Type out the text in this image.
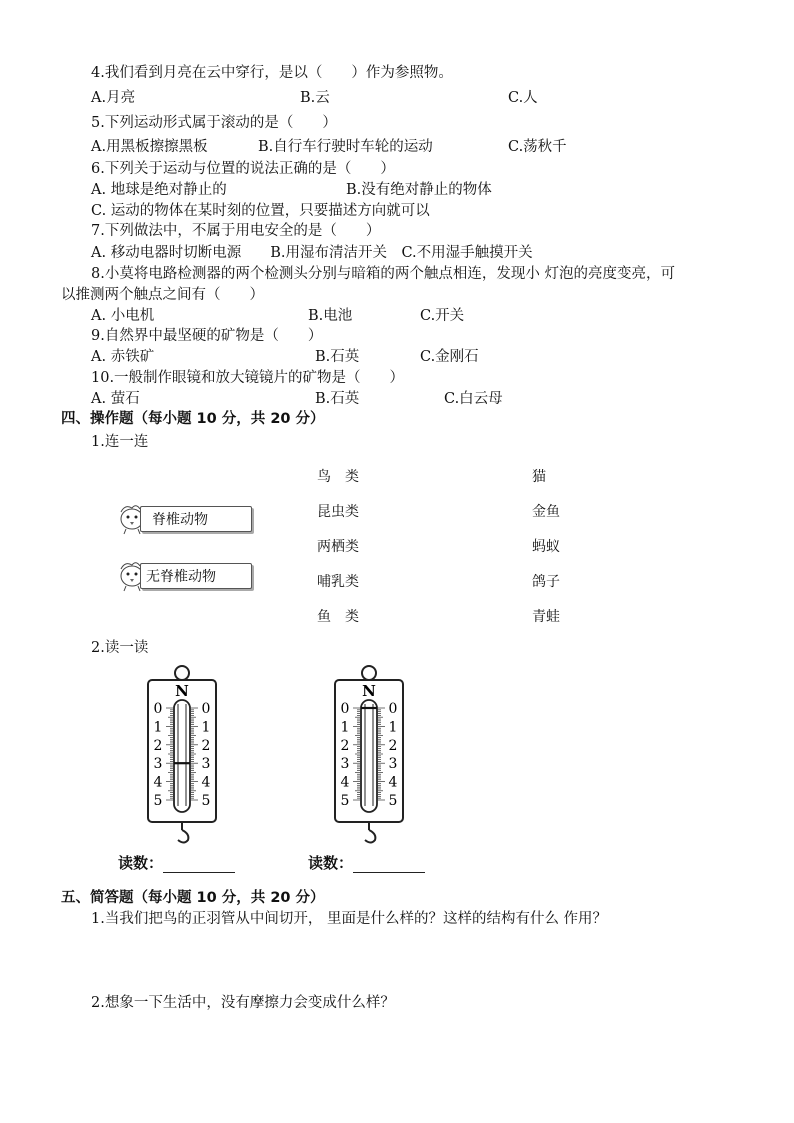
4.我们看到月亮在云中穿行，是以（　　）作为参照物。
A.月亮	B.云	C.人
5.下列运动形式属于滚动的是（　　）
A.用黑板擦擦黑板	B.自行车行驶时车轮的运动	C.荡秋千
6.下列关于运动与位置的说法正确的是（　　）
A. 地球是绝对静止的	B.没有绝对静止的物体
C. 运动的物体在某时刻的位置，只要描述方向就可以
7.下列做法中，不属于用电安全的是（　　）
A. 移动电器时切断电源　　B.用湿布清洁开关　C.不用湿手触摸开关
8.小莫将电路检测器的两个检测头分别与暗箱的两个触点相连，发现小 灯泡的亮度变亮，可
以推测两个触点之间有（　　）
A. 小电机	B.电池	C.开关
9.自然界中最坚硬的矿物是（　　）
A. 赤铁矿	B.石英	C.金刚石
10.一般制作眼镜和放大镜镜片的矿物是（　　）
A. 萤石	B.石英	C.白云母
四、操作题（每小题 10 分，共 20 分）
1.连一连
脊椎动物
无脊椎动物
鸟　类
昆虫类
两栖类
哺乳类
鱼　类
猫
金鱼
蚂蚁
鸽子
青蛙
2.读一读
N
0	0
1	1
2	2
3	3
4	4
5	5
N
0	0
1	1
2	2
3	3
4	4
5	5
读数：	读数：
五、简答题（每小题 10 分，共 20 分）
1.当我们把鸟的正羽管从中间切开， 里面是什么样的？这样的结构有什么 作用？
2.想象一下生活中，没有摩擦力会变成什么样？
